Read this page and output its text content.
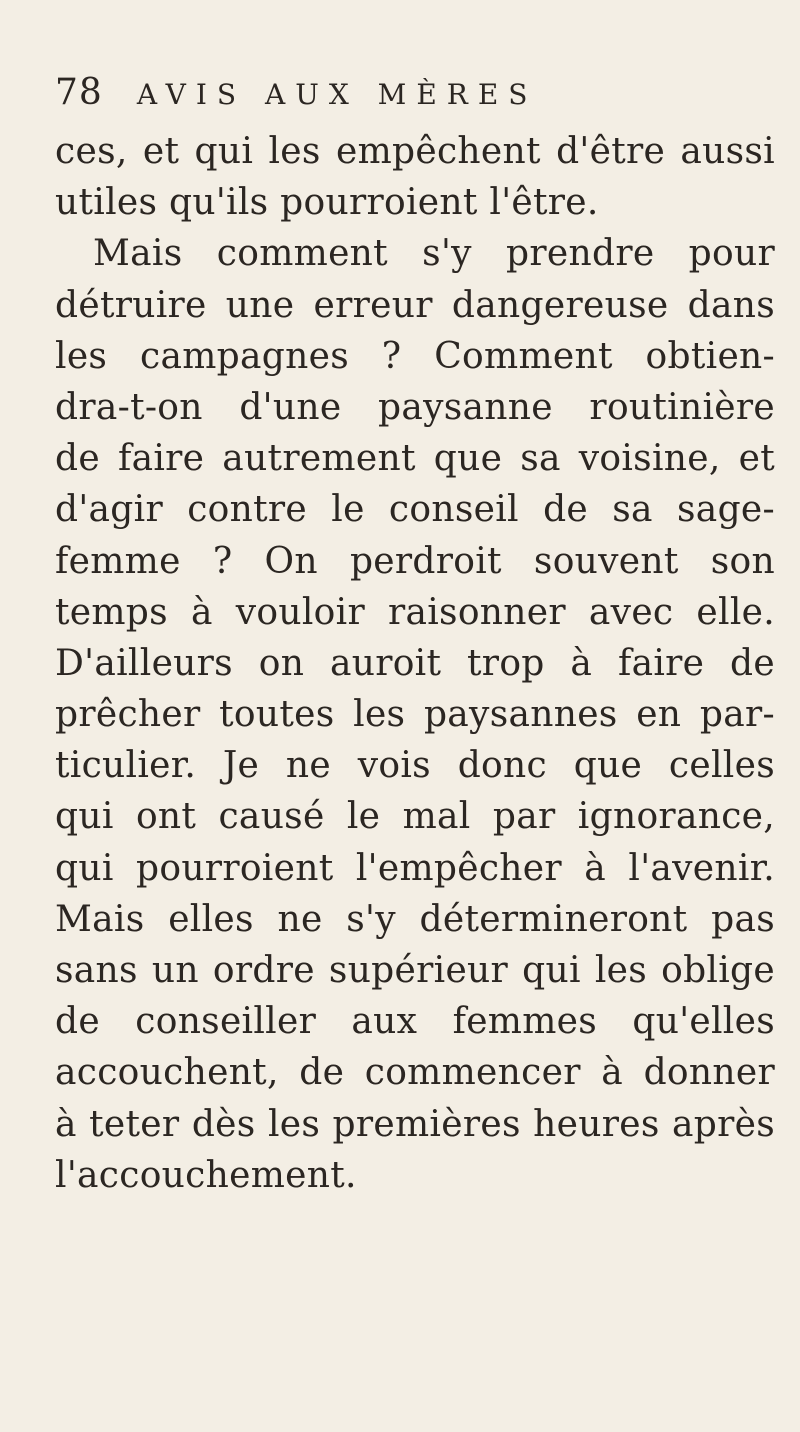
78 AVIS AUX MÈRES
ces, et qui les empêchent d'être aussi
utiles qu'ils pourroient l'être.
Mais comment s'y prendre pour
détruire une erreur dangereuse dans
les campagnes ? Comment obtien-
dra-t-on d'une paysanne routinière
de faire autrement que sa voisine, et
d'agir contre le conseil de sa sage-
femme ? On perdroit souvent son
temps à vouloir raisonner avec elle.
D'ailleurs on auroit trop à faire de
prêcher toutes les paysannes en par-
ticulier. Je ne vois donc que celles
qui ont causé le mal par ignorance,
qui pourroient l'empêcher à l'avenir.
Mais elles ne s'y détermineront pas
sans un ordre supérieur qui les oblige
de conseiller aux femmes qu'elles
accouchent, de commencer à donner
à teter dès les premières heures après
l'accouchement.
